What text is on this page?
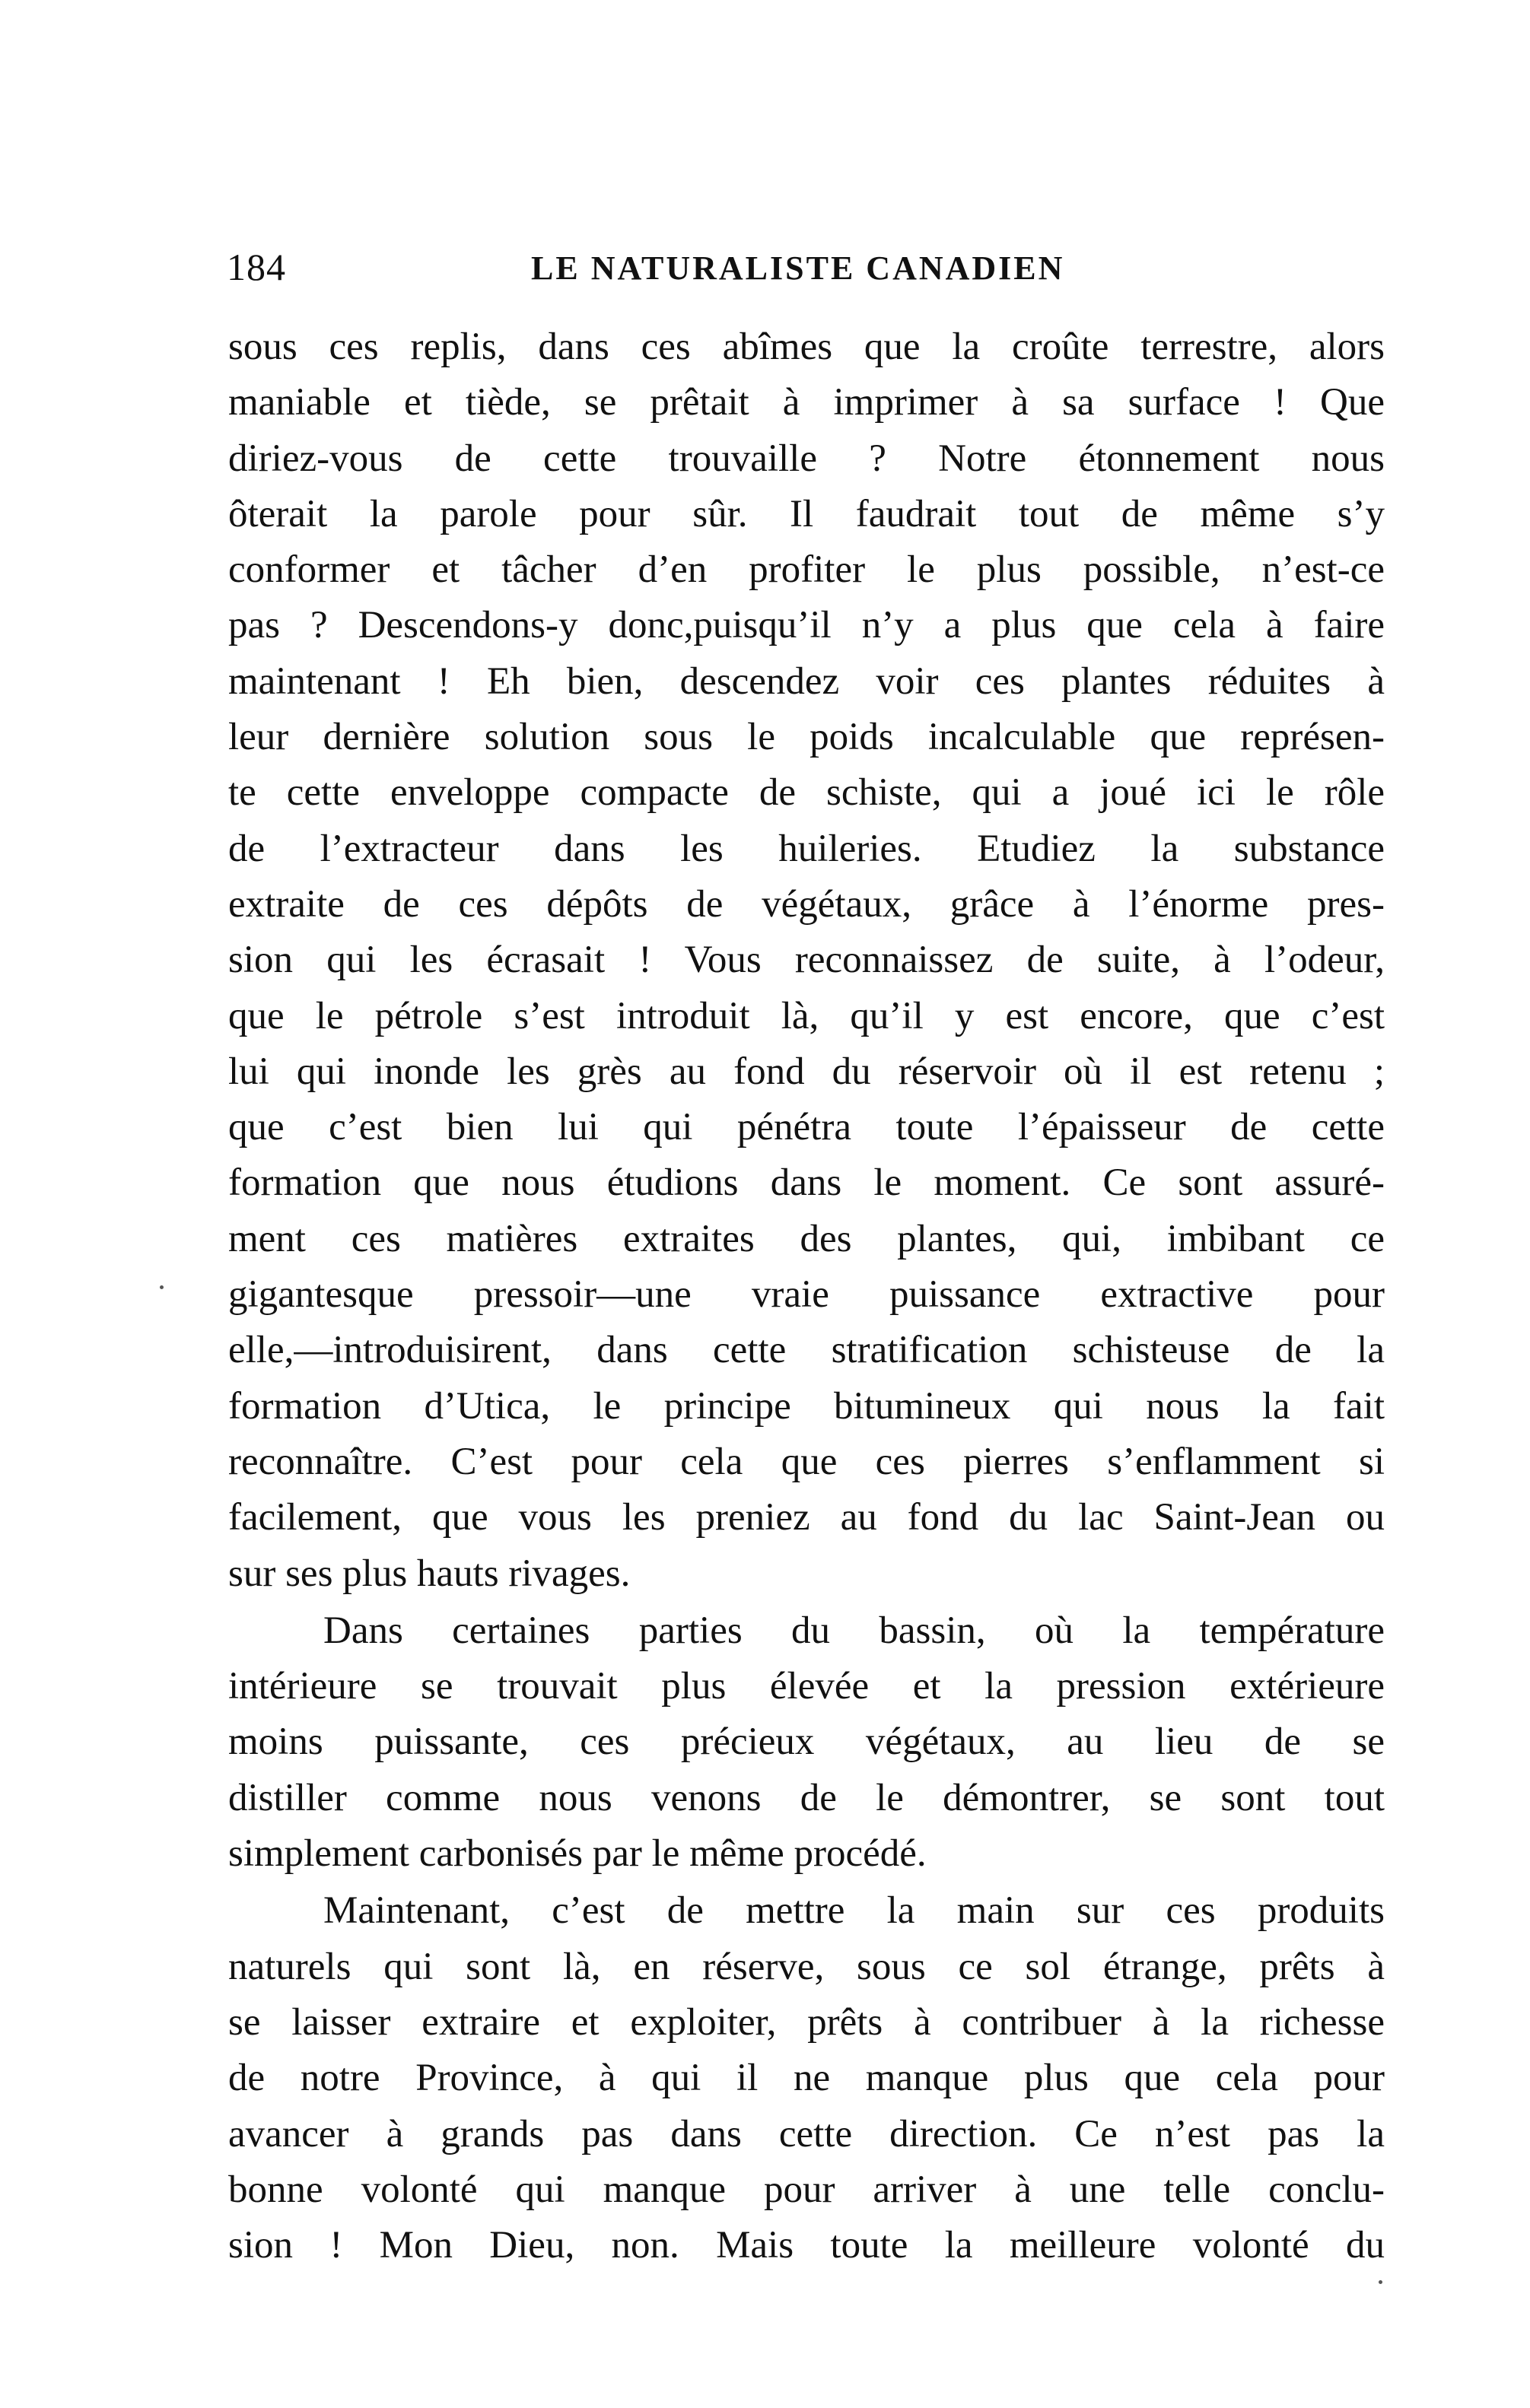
184	LE NATURALISTE CANADIEN
sous ces replis, dans ces abîmes que la croûte terrestre, alors
maniable et tiède, se prêtait à imprimer à sa surface ! Que
diriez-vous de cette trouvaille ? Notre étonnement nous
ôterait la parole pour sûr. Il faudrait tout de même s’y
conformer et tâcher d’en profiter le plus possible, n’est-ce
pas ? Descendons-y donc,puisqu’il n’y a plus que cela à faire
maintenant ! Eh bien, descendez voir ces plantes réduites à
leur dernière solution sous le poids incalculable que représen-
te cette enveloppe compacte de schiste, qui a joué ici le rôle
de l’extracteur dans les huileries. Etudiez la substance
extraite de ces dépôts de végétaux, grâce à l’énorme pres-
sion qui les écrasait ! Vous reconnaissez de suite, à l’odeur,
que le pétrole s’est introduit là, qu’il y est encore, que c’est
lui qui inonde les grès au fond du réservoir où il est retenu ;
que c’est bien lui qui pénétra toute l’épaisseur de cette
formation que nous étudions dans le moment. Ce sont assuré-
ment ces matières extraites des plantes, qui, imbibant ce
gigantesque pressoir—une vraie puissance extractive pour
elle,—introduisirent, dans cette stratification schisteuse de la
formation d’Utica, le principe bitumineux qui nous la fait
reconnaître. C’est pour cela que ces pierres s’enflamment si
facilement, que vous les preniez au fond du lac Saint-Jean ou
sur ses plus hauts rivages.
Dans certaines parties du bassin, où la température
intérieure se trouvait plus élevée et la pression extérieure
moins puissante, ces précieux végétaux, au lieu de se
distiller comme nous venons de le démontrer, se sont tout
simplement carbonisés par le même procédé.
Maintenant, c’est de mettre la main sur ces produits
naturels qui sont là, en réserve, sous ce sol étrange, prêts à
se laisser extraire et exploiter, prêts à contribuer à la richesse
de notre Province, à qui il ne manque plus que cela pour
avancer à grands pas dans cette direction. Ce n’est pas la
bonne volonté qui manque pour arriver à une telle conclu-
sion ! Mon Dieu, non. Mais toute la meilleure volonté du
